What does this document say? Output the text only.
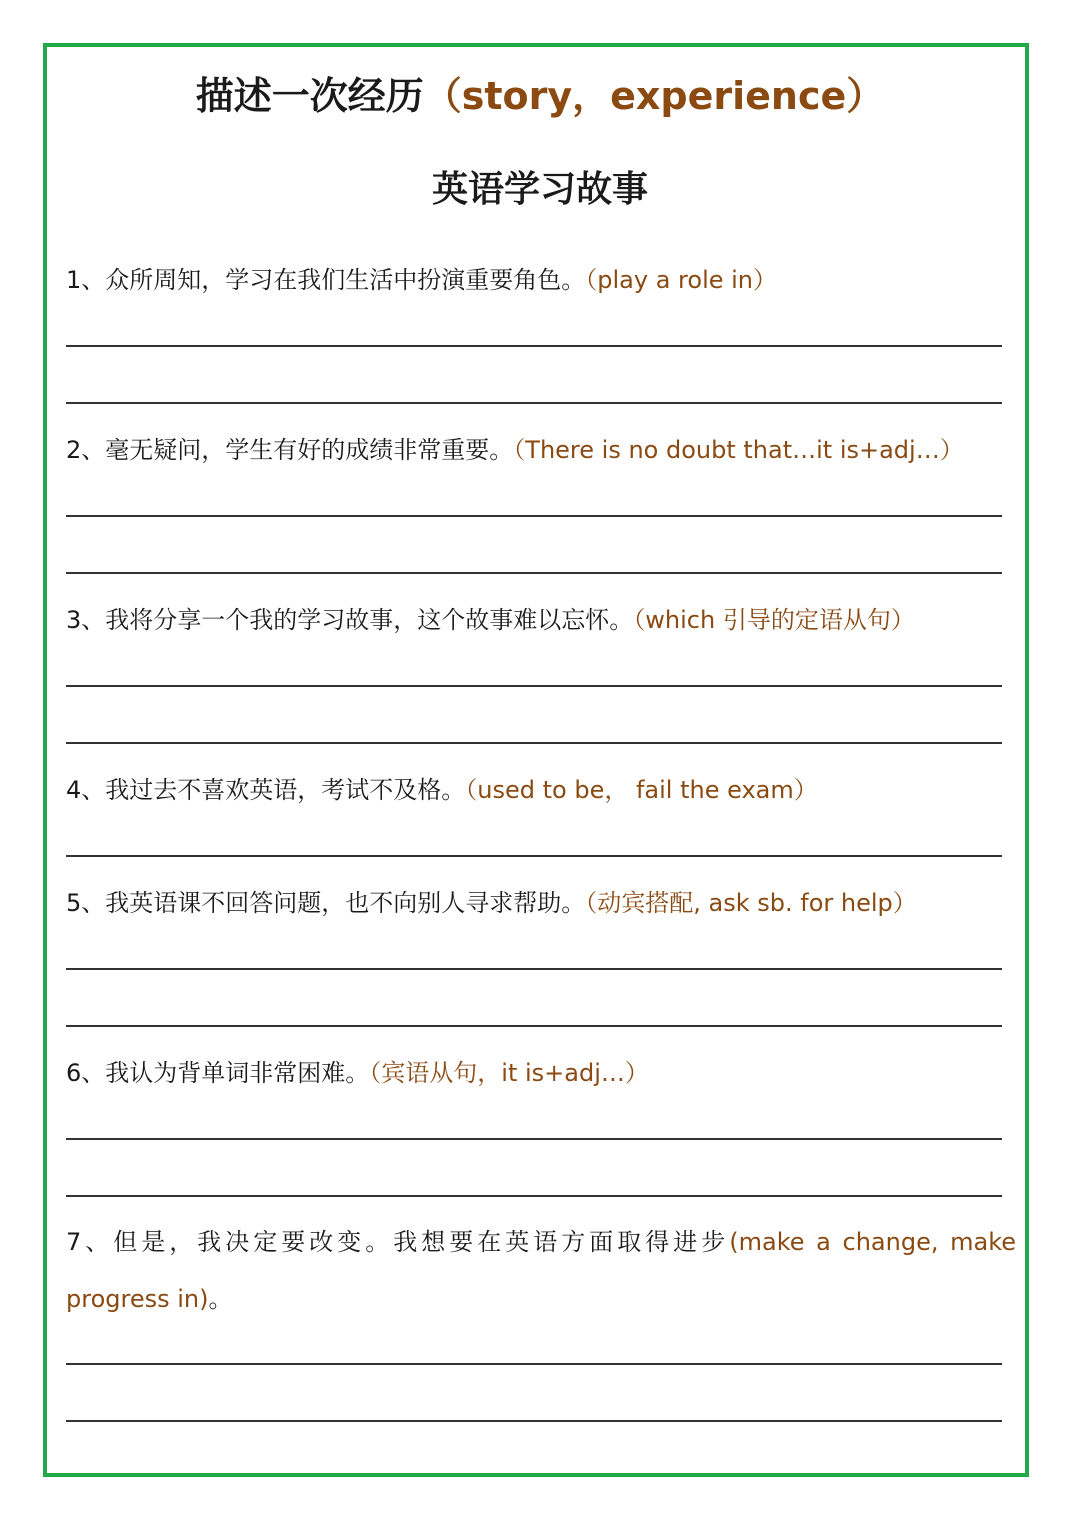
描述一次经历（story，experience）
英语学习故事
1、众所周知，学习在我们生活中扮演重要角色。（play a role in）
2、毫无疑问，学生有好的成绩非常重要。（There is no doubt that…it is+adj…）
3、我将分享一个我的学习故事，这个故事难以忘怀。（which 引导的定语从句）
4、我过去不喜欢英语，考试不及格。（used to be， fail the exam）
5、我英语课不回答问题，也不向别人寻求帮助。（动宾搭配, ask sb. for help）
6、我认为背单词非常困难。（宾语从句，it is+adj…）
7、但是，我决定要改变。我想要在英语方面取得进步(make a change, make progress in)。
